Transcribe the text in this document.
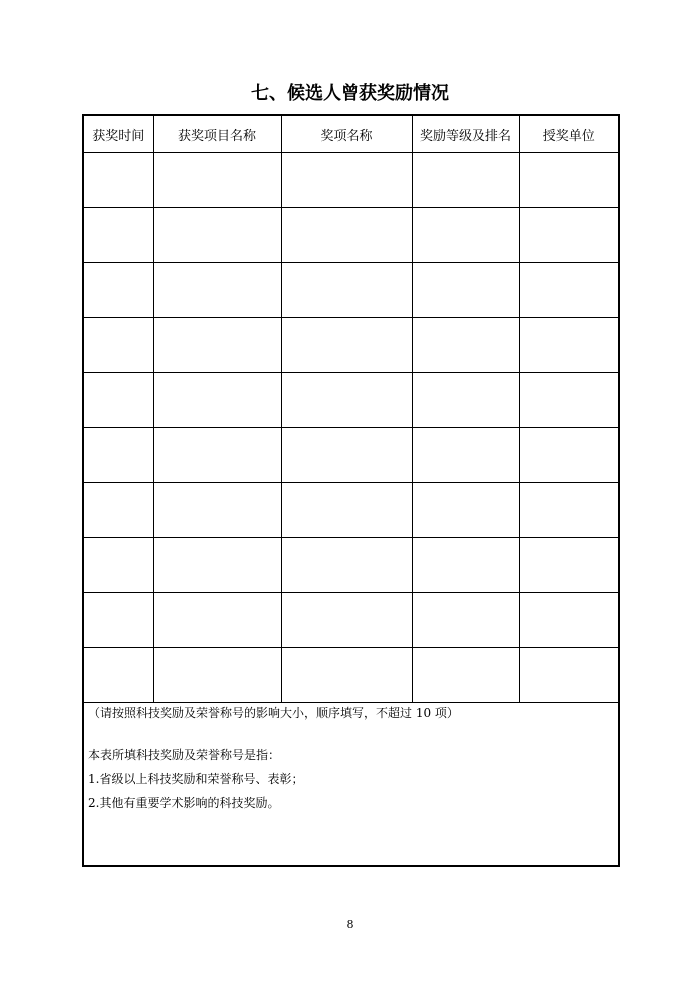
七、候选人曾获奖励情况
获奖时间	获奖项目名称	奖项名称	奖励等级及排名	授奖单位

（请按照科技奖励及荣誉称号的影响大小，顺序填写，不超过 10 项）
本表所填科技奖励及荣誉称号是指：
1.省级以上科技奖励和荣誉称号、表彰；
2.其他有重要学术影响的科技奖励。				
8
